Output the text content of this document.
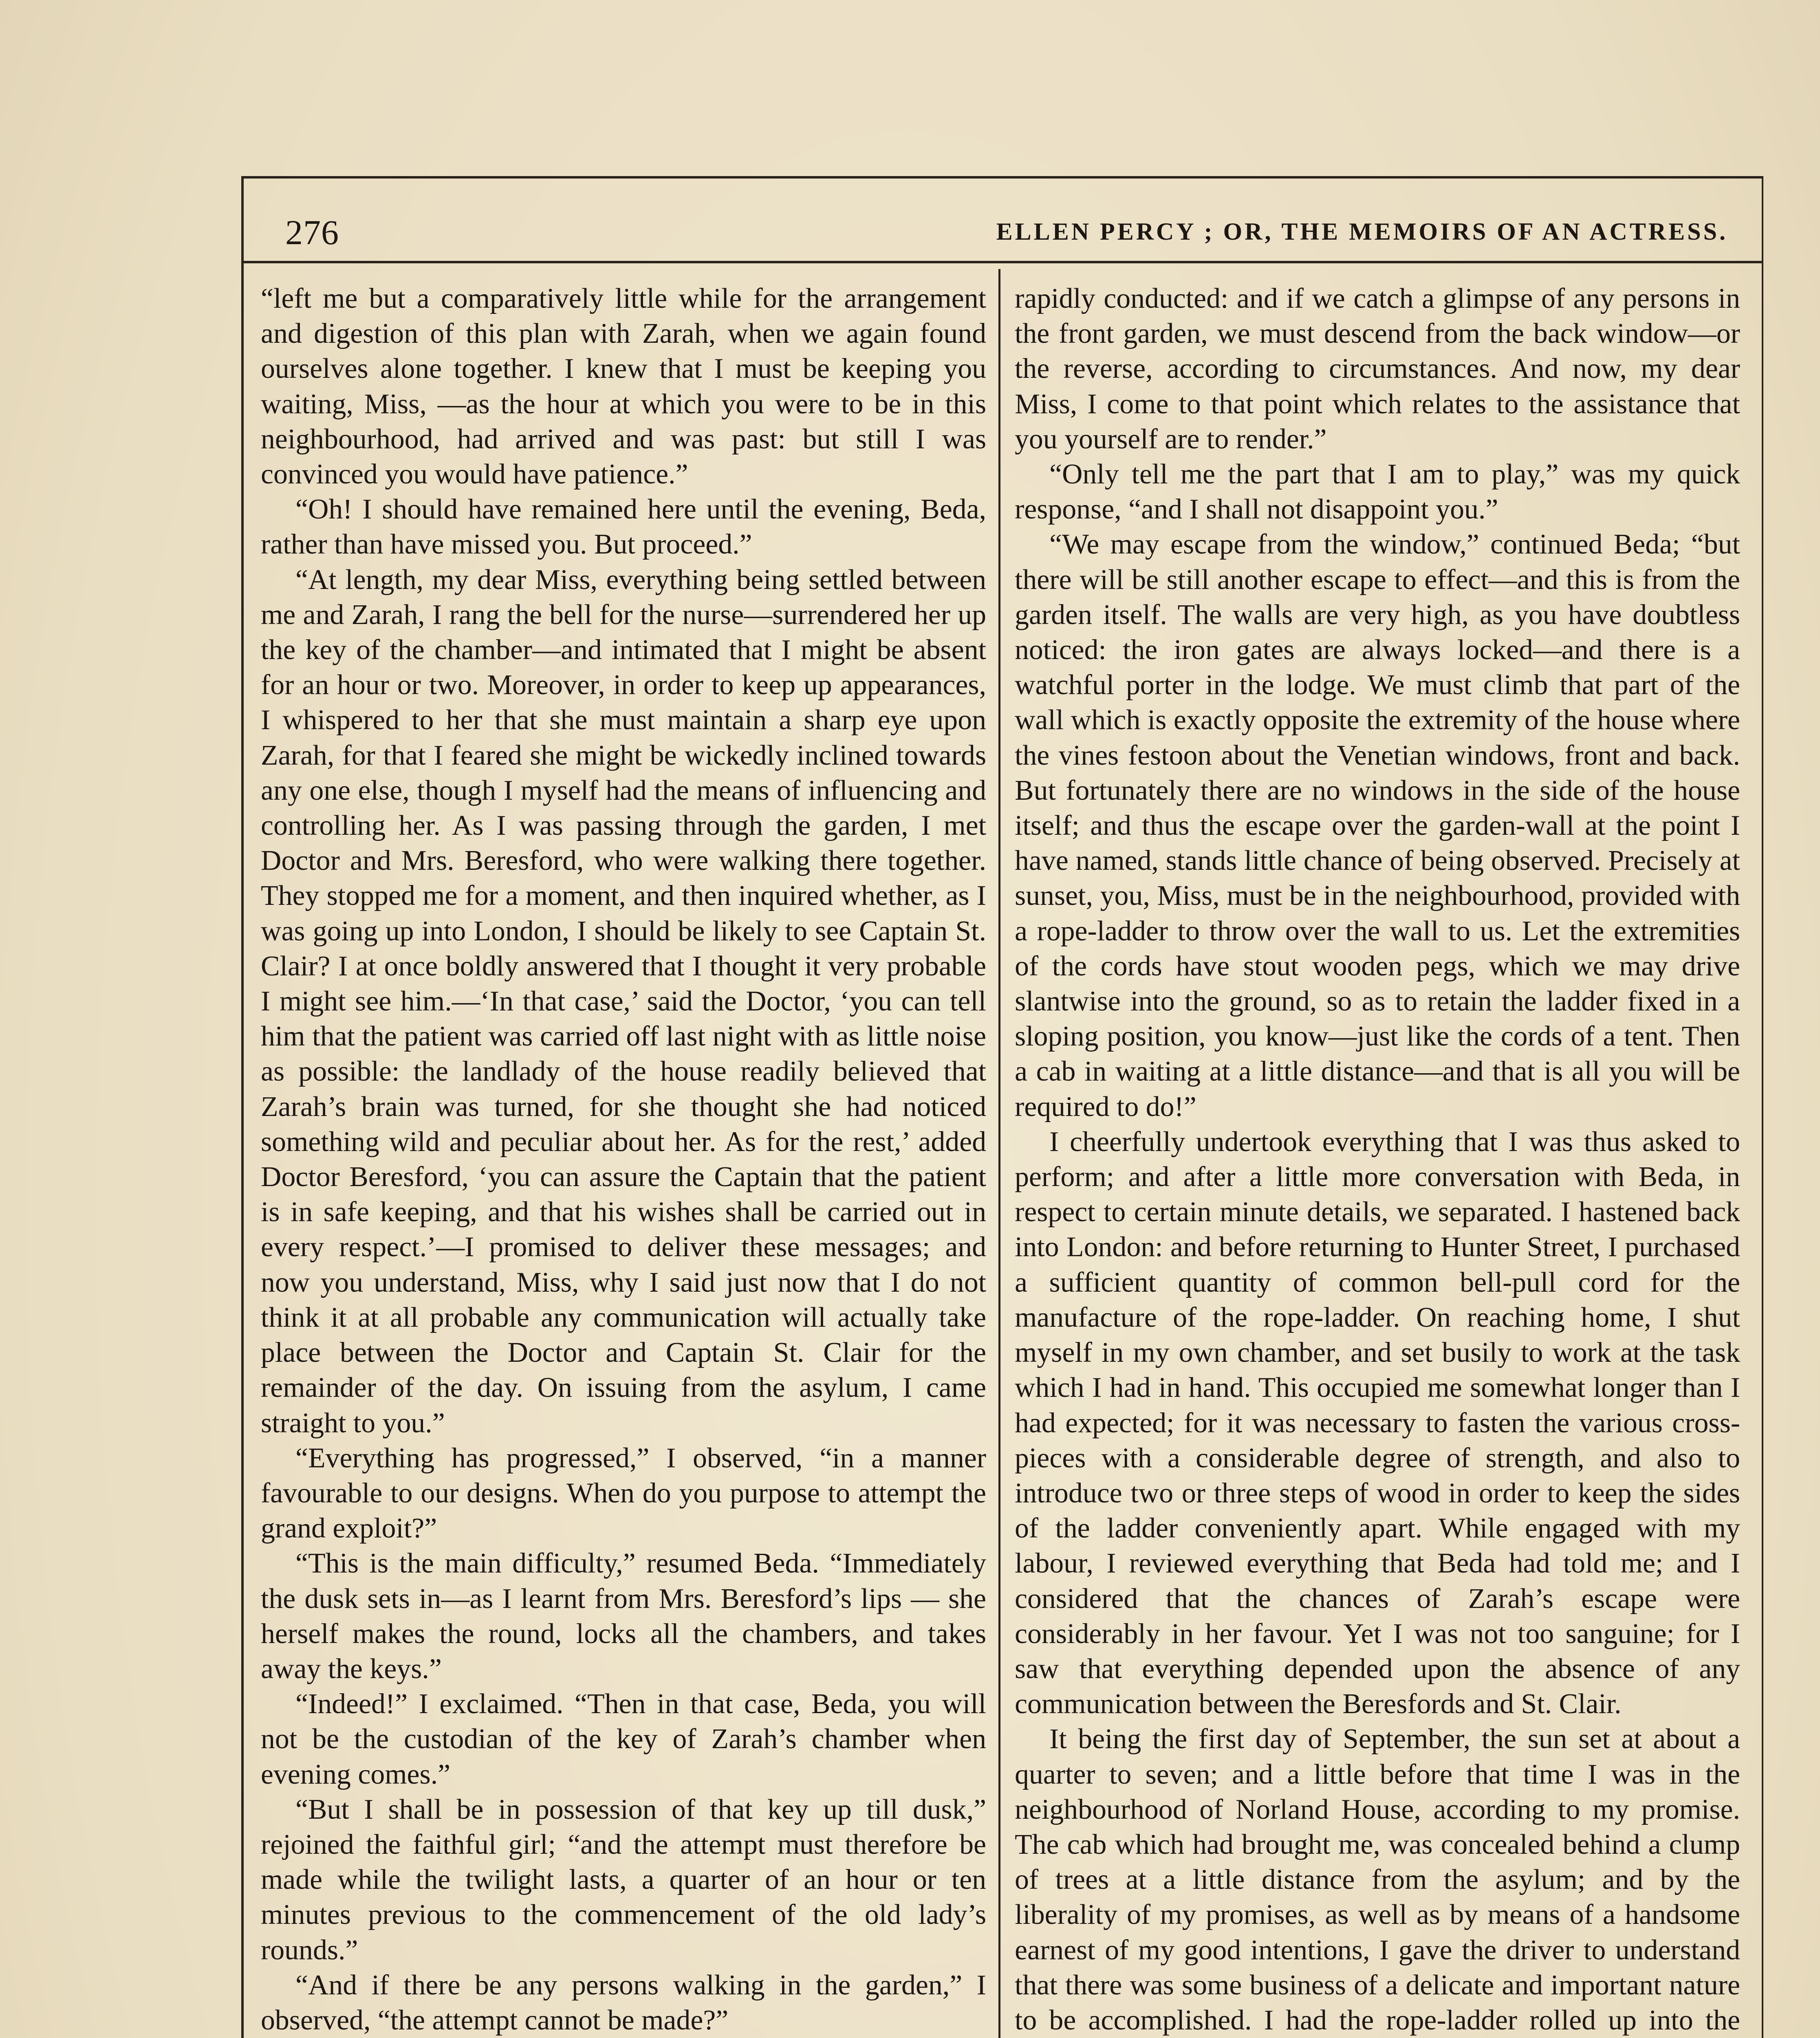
276	ELLEN PERCY ; OR, THE MEMOIRS OF AN ACTRESS.

“left me but a comparatively little while for the arrangement and digestion of this plan with Zarah, when we again found ourselves alone together. I knew that I must be keeping you waiting, Miss, —as the hour at which you were to be in this neighbourhood, had arrived and was past: but still I was convinced you would have patience.”

“Oh! I should have remained here until the evening, Beda, rather than have missed you. But proceed.”

“At length, my dear Miss, everything being settled between me and Zarah, I rang the bell for the nurse—surrendered her up the key of the chamber—and intimated that I might be absent for an hour or two. Moreover, in order to keep up appearances, I whispered to her that she must maintain a sharp eye upon Zarah, for that I feared she might be wickedly inclined towards any one else, though I myself had the means of influencing and controlling her. As I was passing through the garden, I met Doctor and Mrs. Beresford, who were walking there together. They stopped me for a moment, and then inquired whether, as I was going up into London, I should be likely to see Captain St. Clair? I at once boldly answered that I thought it very probable I might see him.—‘In that case,’ said the Doctor, ‘you can tell him that the patient was carried off last night with as little noise as possible: the landlady of the house readily believed that Zarah’s brain was turned, for she thought she had noticed something wild and peculiar about her. As for the rest,’ added Doctor Beresford, ‘you can assure the Captain that the patient is in safe keeping, and that his wishes shall be carried out in every respect.’—I promised to deliver these messages; and now you understand, Miss, why I said just now that I do not think it at all probable any communication will actually take place between the Doctor and Captain St. Clair for the remainder of the day. On issuing from the asylum, I came straight to you.”

“Everything has progressed,” I observed, “in a manner favourable to our designs. When do you purpose to attempt the grand exploit?”

“This is the main difficulty,” resumed Beda. “Immediately the dusk sets in—as I learnt from Mrs. Beresford’s lips — she herself makes the round, locks all the chambers, and takes away the keys.”

“Indeed!” I exclaimed. “Then in that case, Beda, you will not be the custodian of the key of Zarah’s chamber when evening comes.”

“But I shall be in possession of that key up till dusk,” rejoined the faithful girl; “and the attempt must therefore be made while the twilight lasts, a quarter of an hour or ten minutes previous to the commencement of the old lady’s rounds.”

“And if there be any persons walking in the garden,” I observed, “the attempt cannot be made?”

rapidly conducted: and if we catch a glimpse of any persons in the front garden, we must descend from the back window—or the reverse, according to circumstances. And now, my dear Miss, I come to that point which relates to the assistance that you yourself are to render.”

“Only tell me the part that I am to play,” was my quick response, “and I shall not disappoint you.”

“We may escape from the window,” continued Beda; “but there will be still another escape to effect—and this is from the garden itself. The walls are very high, as you have doubtless noticed: the iron gates are always locked—and there is a watchful porter in the lodge. We must climb that part of the wall which is exactly opposite the extremity of the house where the vines festoon about the Venetian windows, front and back. But fortunately there are no windows in the side of the house itself; and thus the escape over the garden-wall at the point I have named, stands little chance of being observed. Precisely at sunset, you, Miss, must be in the neighbourhood, provided with a rope-ladder to throw over the wall to us. Let the extremities of the cords have stout wooden pegs, which we may drive slantwise into the ground, so as to retain the ladder fixed in a sloping position, you know—just like the cords of a tent. Then a cab in waiting at a little distance—and that is all you will be required to do!”

I cheerfully undertook everything that I was thus asked to perform; and after a little more conversation with Beda, in respect to certain minute details, we separated. I hastened back into London: and before returning to Hunter Street, I purchased a sufficient quantity of common bell-pull cord for the manufacture of the rope-ladder. On reaching home, I shut myself in my own chamber, and set busily to work at the task which I had in hand. This occupied me somewhat longer than I had expected; for it was necessary to fasten the various cross-pieces with a considerable degree of strength, and also to introduce two or three steps of wood in order to keep the sides of the ladder conveniently apart. While engaged with my labour, I reviewed everything that Beda had told me; and I considered that the chances of Zarah’s escape were considerably in her favour. Yet I was not too sanguine; for I saw that everything depended upon the absence of any communication between the Beresfords and St. Clair.

It being the first day of September, the sun set at about a quarter to seven; and a little before that time I was in the neighbourhood of Norland House, according to my promise. The cab which had brought me, was concealed behind a clump of trees at a little distance from the asylum; and by the liberality of my promises, as well as by means of a handsome earnest of my good intentions, I gave the driver to understand that there was some business of a delicate and important nature to be accomplished. I had the rope-ladder rolled up into the
